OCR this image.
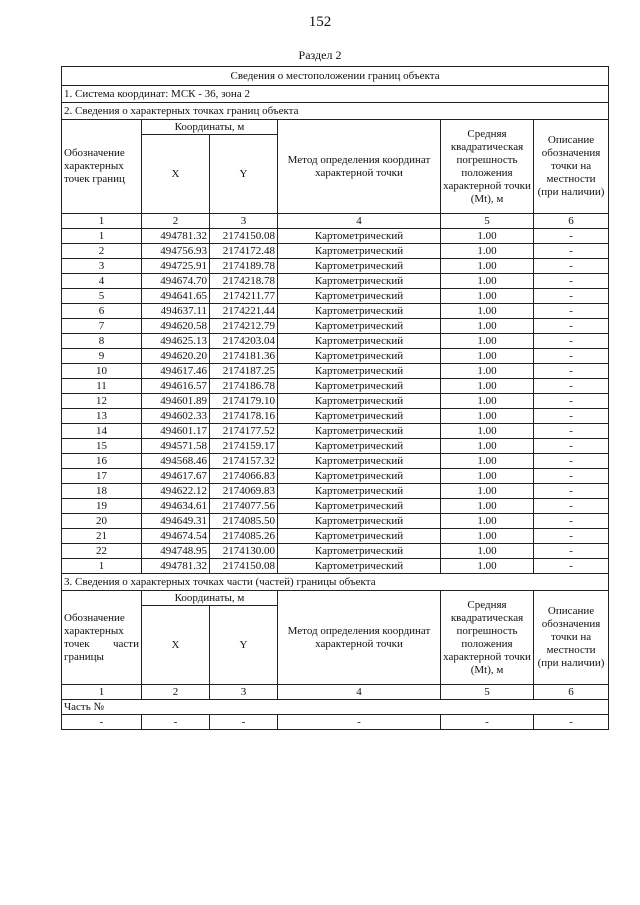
152
Раздел 2
Сведения о местоположении границ объекта					
1. Система координат: МСК - 36, зона 2					
2. Сведения о характерных точках границ объекта					
Обозначение характерных точек границ	Координаты, м		Метод определения координат характерной точки	Средняя квадратическая погрешность положения характерной точки (Mt), м	Описание обозначения точки на местности (при наличии)
	X	Y			
1	2	3	4	5	6
1	494781.32	2174150.08	Картометрический	1.00	-
2	494756.93	2174172.48	Картометрический	1.00	-
3	494725.91	2174189.78	Картометрический	1.00	-
4	494674.70	2174218.78	Картометрический	1.00	-
5	494641.65	2174211.77	Картометрический	1.00	-
6	494637.11	2174221.44	Картометрический	1.00	-
7	494620.58	2174212.79	Картометрический	1.00	-
8	494625.13	2174203.04	Картометрический	1.00	-
9	494620.20	2174181.36	Картометрический	1.00	-
10	494617.46	2174187.25	Картометрический	1.00	-
11	494616.57	2174186.78	Картометрический	1.00	-
12	494601.89	2174179.10	Картометрический	1.00	-
13	494602.33	2174178.16	Картометрический	1.00	-
14	494601.17	2174177.52	Картометрический	1.00	-
15	494571.58	2174159.17	Картометрический	1.00	-
16	494568.46	2174157.32	Картометрический	1.00	-
17	494617.67	2174066.83	Картометрический	1.00	-
18	494622.12	2174069.83	Картометрический	1.00	-
19	494634.61	2174077.56	Картометрический	1.00	-
20	494649.31	2174085.50	Картометрический	1.00	-
21	494674.54	2174085.26	Картометрический	1.00	-
22	494748.95	2174130.00	Картометрический	1.00	-
1	494781.32	2174150.08	Картометрический	1.00	-
3. Сведения о характерных точках части (частей) границы объекта					
Обозначение характерных точек части границы	Координаты, м		Метод определения координат характерной точки	Средняя квадратическая погрешность положения характерной точки (Mt), м	Описание обозначения точки на местности (при наличии)
	X	Y			
1	2	3	4	5	6
Часть №					
-	-	-	-	-	-
